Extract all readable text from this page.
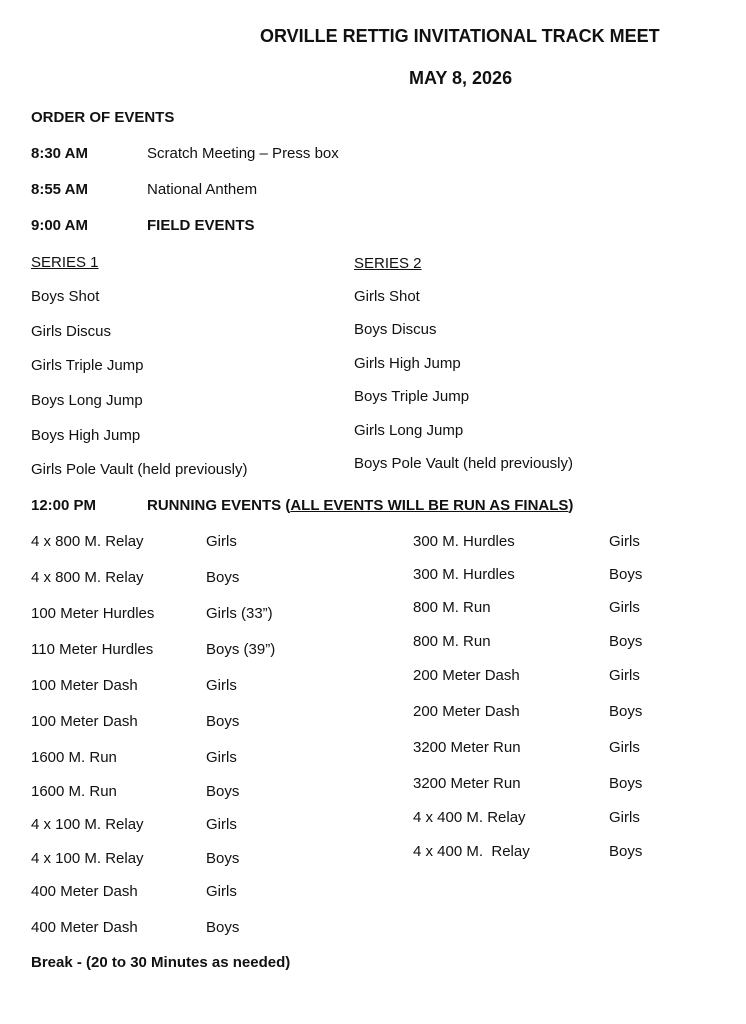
ORVILLE RETTIG INVITATIONAL TRACK MEET
MAY 8, 2026
ORDER OF EVENTS
8:30 AM	Scratch Meeting – Press box
8:55 AM	National Anthem
9:00 AM	FIELD EVENTS
SERIES 1
Boys Shot
Girls Discus
Girls Triple Jump
Boys Long Jump
Boys High Jump
Girls Pole Vault (held previously)
SERIES 2
Girls Shot
Boys Discus
Girls High Jump
Boys Triple Jump
Girls Long Jump
Boys Pole Vault (held previously)
12:00 PM	RUNNING EVENTS (ALL EVENTS WILL BE RUN AS FINALS)
4 x 800 M. Relay	Girls
4 x 800 M. Relay	Boys
100 Meter Hurdles	Girls (33”)
110 Meter Hurdles	Boys (39”)
100 Meter Dash	Girls
100 Meter Dash	Boys
1600 M. Run	Girls
1600 M. Run	Boys
4 x 100 M. Relay	Girls
4 x 100 M. Relay	Boys
400 Meter Dash	Girls
400 Meter Dash	Boys
300 M. Hurdles	Girls
300 M. Hurdles	Boys
800 M. Run	Girls
800 M. Run	Boys
200 Meter Dash	Girls
200 Meter Dash	Boys
3200 Meter Run	Girls
3200 Meter Run	Boys
4 x 400 M. Relay	Girls
4 x 400 M.  Relay	Boys
Break - (20 to 30 Minutes as needed)
